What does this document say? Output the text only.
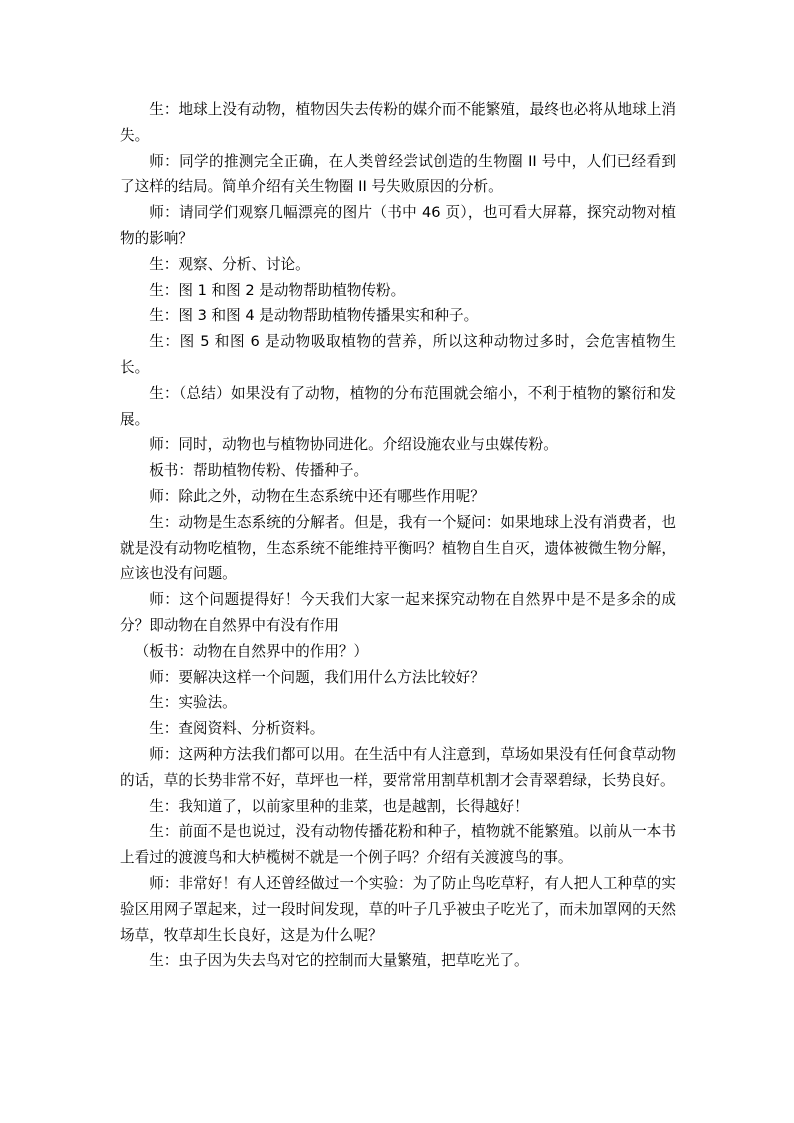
生：地球上没有动物，植物因失去传粉的媒介而不能繁殖，最终也必将从地球上消失。

师：同学的推测完全正确，在人类曾经尝试创造的生物圈 II 号中，人们已经看到了这样的结局。简单介绍有关生物圈 II 号失败原因的分析。

师：请同学们观察几幅漂亮的图片（书中 46 页），也可看大屏幕，探究动物对植物的影响？

生：观察、分析、讨论。

生：图 1 和图 2 是动物帮助植物传粉。

生：图 3 和图 4 是动物帮助植物传播果实和种子。

生：图 5 和图 6 是动物吸取植物的营养，所以这种动物过多时，会危害植物生长。

生：（总结）如果没有了动物，植物的分布范围就会缩小，不利于植物的繁衍和发展。

师：同时，动物也与植物协同进化。介绍设施农业与虫媒传粉。

板书：帮助植物传粉、传播种子。

师：除此之外，动物在生态系统中还有哪些作用呢？

生：动物是生态系统的分解者。但是，我有一个疑问：如果地球上没有消费者，也就是没有动物吃植物，生态系统不能维持平衡吗？植物自生自灭，遗体被微生物分解，应该也没有问题。

师：这个问题提得好！今天我们大家一起来探究动物在自然界中是不是多余的成分？即动物在自然界中有没有作用

（板书：动物在自然界中的作用？）

师：要解决这样一个问题，我们用什么方法比较好？

生：实验法。

生：查阅资料、分析资料。

师：这两种方法我们都可以用。在生活中有人注意到，草场如果没有任何食草动物的话，草的长势非常不好，草坪也一样，要常常用割草机割才会青翠碧绿，长势良好。

生：我知道了，以前家里种的韭菜，也是越割，长得越好！

生：前面不是也说过，没有动物传播花粉和种子，植物就不能繁殖。以前从一本书上看过的渡渡鸟和大栌榄树不就是一个例子吗？介绍有关渡渡鸟的事。

师：非常好！有人还曾经做过一个实验：为了防止鸟吃草籽，有人把人工种草的实验区用网子罩起来，过一段时间发现，草的叶子几乎被虫子吃光了，而未加罩网的天然场草，牧草却生长良好，这是为什么呢？

生：虫子因为失去鸟对它的控制而大量繁殖，把草吃光了。
